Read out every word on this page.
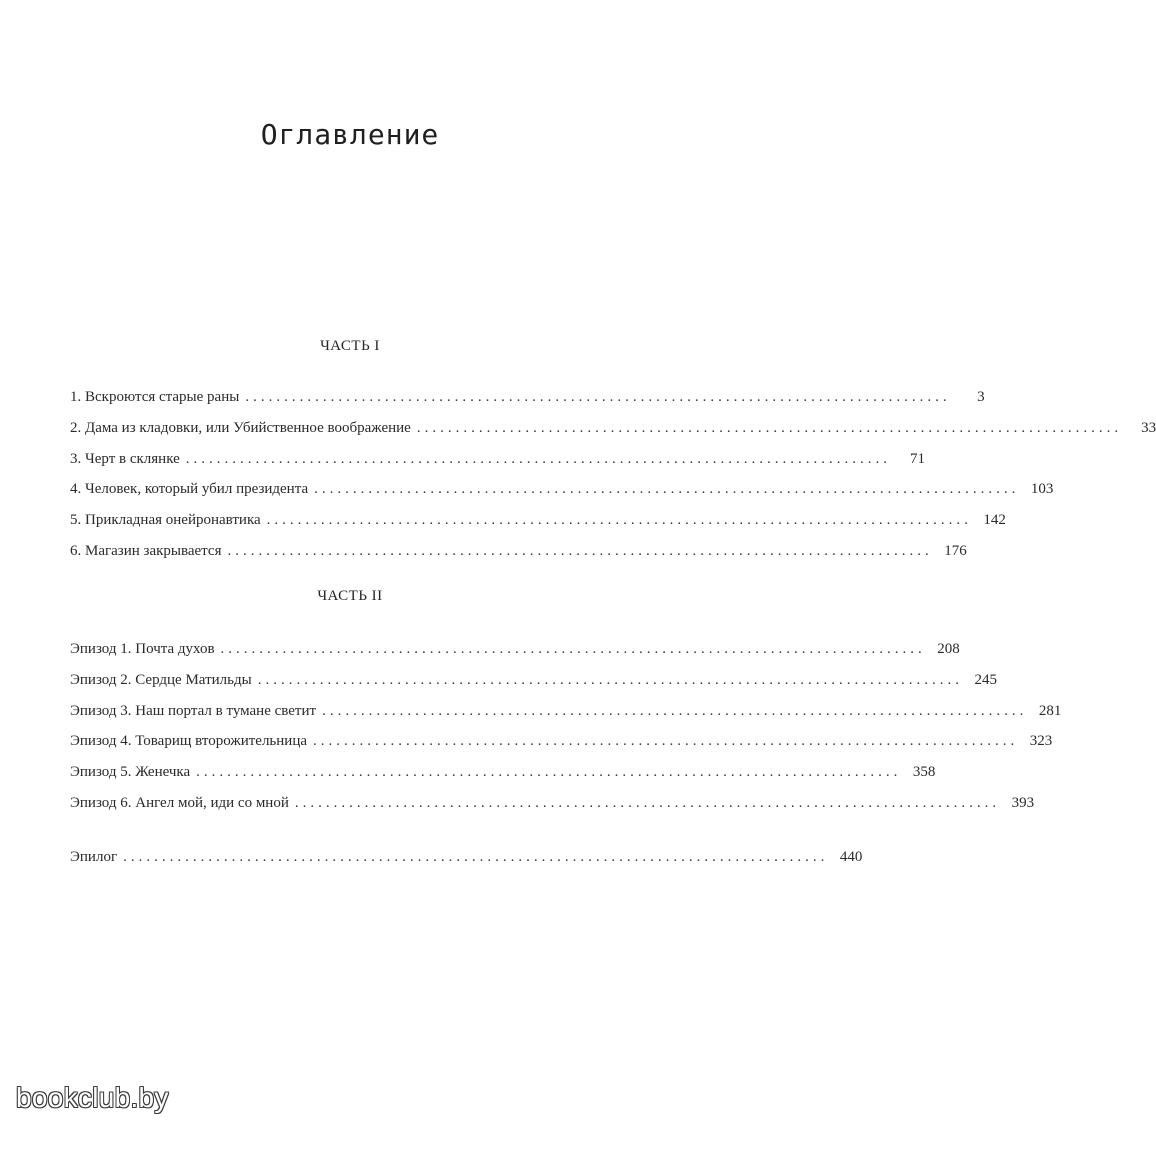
Оглавление
ЧАСТЬ I
1. Вскроются старые раны ...........................................................................................	3
2. Дама из кладовки, или Убийственное воображение ...........................................................................................	33
3. Черт в склянке ...........................................................................................	71
4. Человек, который убил президента ........................................................................................... 103
5. Прикладная онейронавтика ........................................................................................... 142
6. Магазин закрывается ........................................................................................... 176
ЧАСТЬ II
Эпизод 1. Почта духов ........................................................................................... 208
Эпизод 2. Сердце Матильды ........................................................................................... 245
Эпизод 3. Наш портал в тумане светит ........................................................................................... 281
Эпизод 4. Товарищ второжительница ........................................................................................... 323
Эпизод 5. Женечка ........................................................................................... 358
Эпизод 6. Ангел мой, иди со мной ........................................................................................... 393
Эпилог ........................................................................................... 440
bookclub.by
